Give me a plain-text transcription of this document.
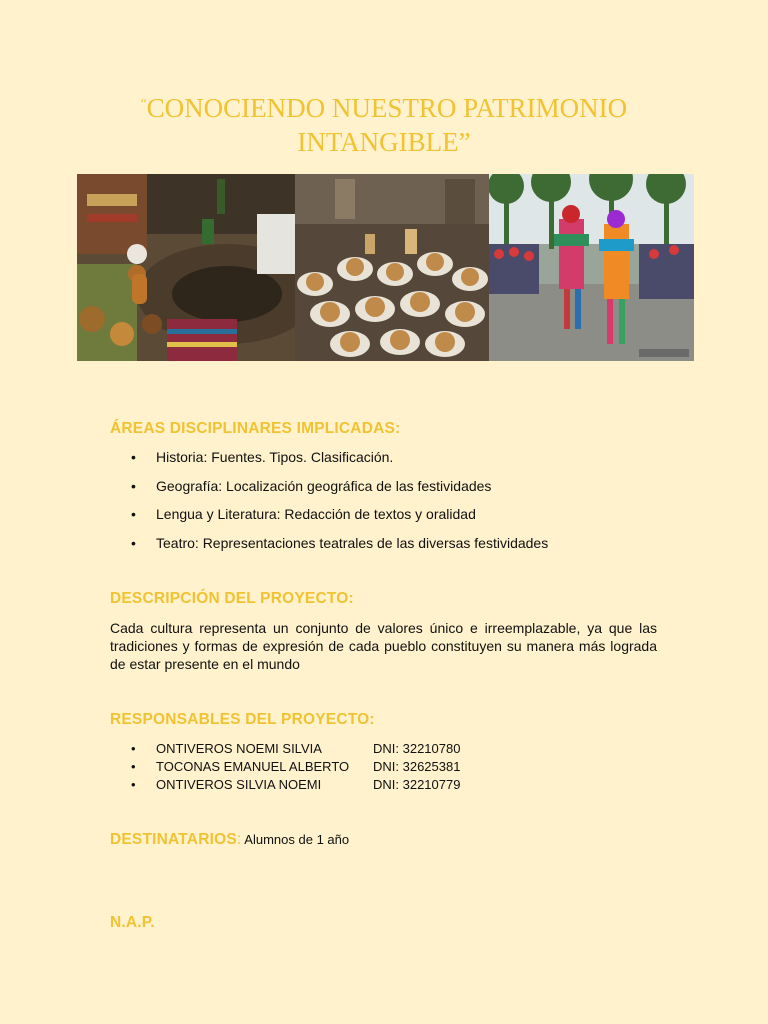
“CONOCIENDO NUESTRO PATRIMONIO
INTANGIBLE”
ÁREAS DISCIPLINARES IMPLICADAS:
• Historia: Fuentes. Tipos. Clasificación.
• Geografía: Localización geográfica de las festividades
• Lengua y Literatura: Redacción de textos y oralidad
• Teatro: Representaciones teatrales de las diversas festividades
DESCRIPCIÓN DEL PROYECTO:

Cada cultura representa un conjunto de valores único e irreemplazable, ya que las tradiciones y formas de expresión de cada pueblo constituyen su manera más lograda de estar presente en el mundo

RESPONSABLES DEL PROYECTO:
• ONTIVEROS NOEMI SILVIA	DNI: 32210780
• TOCONAS EMANUEL ALBERTO DNI: 32625381
• ONTIVEROS SILVIA NOEMI	DNI: 32210779
DESTINATARIOS: Alumnos de 1 año
N.A.P.
